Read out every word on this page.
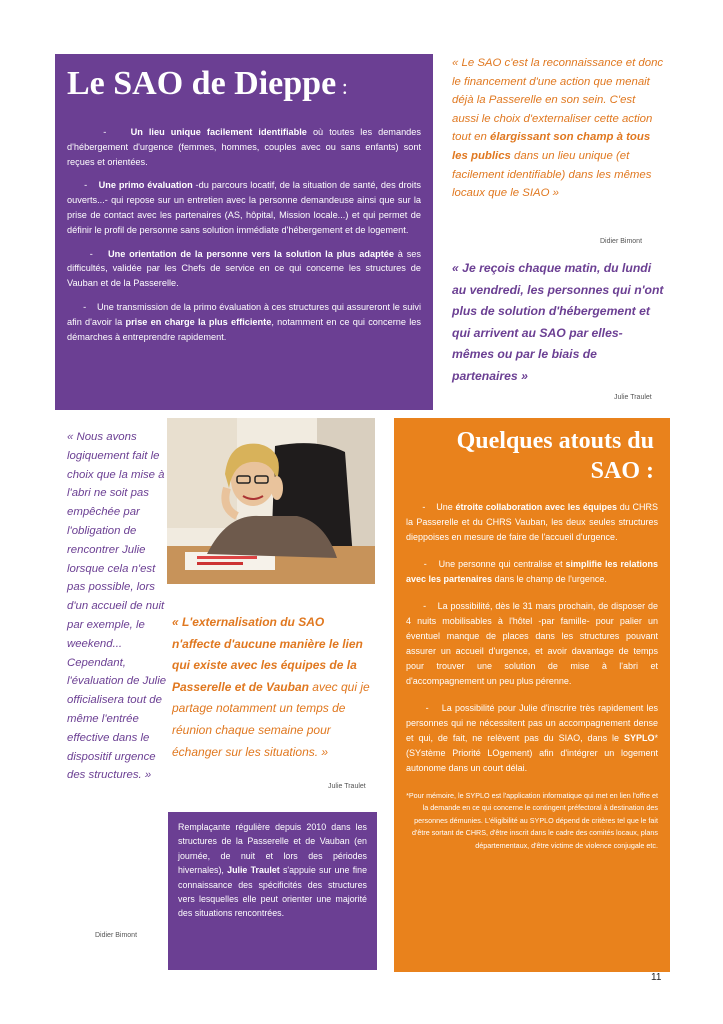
Le SAO de Dieppe :

-    Un lieu unique facilement identifiable où toutes les demandes d'hébergement d'urgence (femmes, hommes, couples avec ou sans enfants) sont reçues et orientées.

-    Une primo évaluation -du parcours locatif, de la situation de santé, des droits ouverts...- qui repose sur un entretien avec la personne demandeuse ainsi que sur la prise de contact avec les partenaires (AS, hôpital, Mission locale...) et qui permet de définir le profil de personne sans solution immédiate d'hébergement et de logement.

-    Une orientation de la personne vers la solution la plus adaptée à ses difficultés, validée par les Chefs de service en ce qui concerne les structures de Vauban et de la Passerelle.

-    Une transmission de la primo évaluation à ces structures qui assureront le suivi afin d'avoir la prise en charge la plus efficiente, notamment en ce qui concerne les démarches à entreprendre rapidement.

« Le SAO c'est la reconnaissance et donc le financement d'une action que menait déjà la Passerelle en son sein. C'est aussi le choix d'externaliser cette action tout en élargissant son champ à tous les publics dans un lieu unique (et facilement identifiable) dans les mêmes locaux que le SIAO »
Didier Bimont
« Je reçois chaque matin, du lundi au vendredi, les personnes qui n'ont plus de solution d'hébergement et qui arrivent au SAO par elles-mêmes ou par le biais de partenaires »
Julie Traulet
« Nous avons logiquement fait le choix que la mise à l'abri ne soit pas empêchée par l'obligation de rencontrer Julie lorsque cela n'est pas possible, lors d'un accueil de nuit par exemple, le weekend... Cependant, l'évaluation de Julie officialisera tout de même l'entrée effective dans le dispositif urgence des structures. »
Didier Bimont
« L'externalisation du SAO n'affecte d'aucune manière le lien qui existe avec les équipes de la Passerelle et de Vauban avec qui je partage notamment un temps de réunion chaque semaine pour échanger sur les situations. »
Julie Traulet
Remplaçante régulière depuis 2010 dans les structures de la Passerelle et de Vauban (en journée, de nuit et lors des périodes hivernales), Julie Traulet s'appuie sur une fine connaissance des spécificités des structures vers lesquelles elle peut orienter une majorité des situations rencontrées.
Quelques atouts du
SAO :

-    Une étroite collaboration avec les équipes du CHRS la Passerelle et du CHRS Vauban, les deux seules structures dieppoises en mesure de faire de l'accueil d'urgence.

-    Une personne qui centralise et simplifie les relations avec les partenaires dans le champ de l'urgence.

-    La possibilité, dès le 31 mars prochain, de disposer de 4 nuits mobilisables à l'hôtel -par famille- pour palier un éventuel manque de places dans les structures pouvant assurer un accueil d'urgence, et avoir davantage de temps pour trouver une solution de mise à l'abri et d'accompagnement un peu plus pérenne.

-    La possibilité pour Julie d'inscrire très rapidement les personnes qui ne nécessitent pas un accompagnement dense et qui, de fait, ne relèvent pas du SIAO, dans le SYPLO* (SYstème Priorité LOgement) afin d'intégrer un logement autonome dans un court délai.

*Pour mémoire, le SYPLO est l'application informatique qui met en lien l'offre et la demande en ce qui concerne le contingent préfectoral à destination des personnes démunies. L'éligibilité au SYPLO dépend de critères tel que le fait d'être sortant de CHRS, d'être inscrit dans le cadre des comités locaux, plans départementaux, d'être victime de violence conjugale etc.

11
